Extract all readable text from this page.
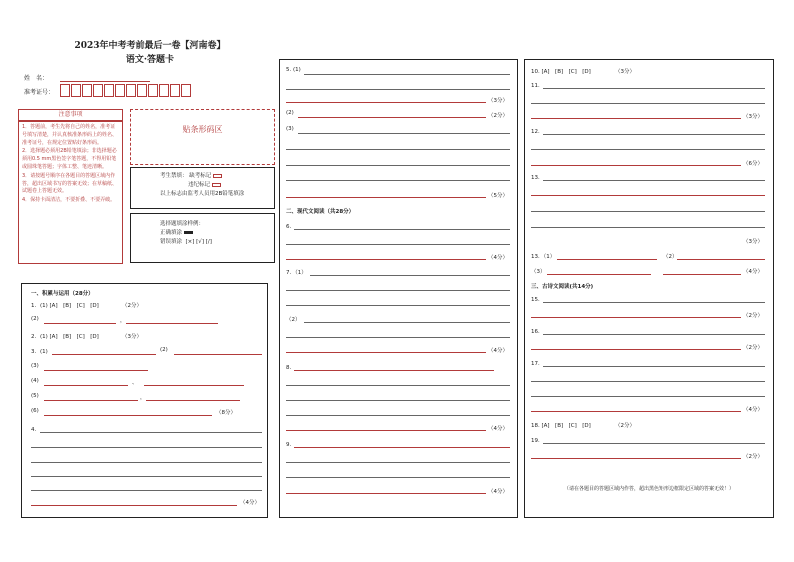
2023年中考考前最后一卷【河南卷】
语文·答题卡
姓　名：
准考证号：
注意事项
1．答题前，考生先将自己的姓名，准考证号填写清楚，并认真核准条形码上的姓名、准考证号，在规定位置贴好条形码。
2．选择题必须用2B铅笔填涂；非选择题必须用0.5 mm黑色签字笔答题，不得用铅笔或圆珠笔答题；字体工整、笔迹清晰。
3．请按题号顺序在各题目的答题区域内作答，超出区域书写的答案无效；在草稿纸、试题卷上答题无效。
4．保持卡面清洁，不要折叠、不要弄破。
贴条形码区
考生禁填： 缺考标记
违纪标记
以上标志由监考人员用2B铅笔填涂
选择题填涂样例：
正确填涂
错误填涂 [×] [√] [/]
一、积累与运用（28分）
1．(1) [A]　[B]　[C]　[D]	（2分）
(2)	，
2．(1) [A]　[B]　[C]　[D]	（3分）
3．(1)	(2)
(3)
(4)	、
(5)	，
(6)	（8分）
4．
（4分）
5. (1)
（3分）
(2)	（2分）
(3)
（5分）
二、现代文阅读（共28分）
6．
（4分）
7．（1）
（2）
（4分）
8．
（4分）
9．
（4分）
10. [A]　[B]　[C]　[D]	（3分）
11．
（3分）
12．
（6分）
13．
（3分）
13．（1）	（2）
（3）	（4分）
三、古诗文阅读(共14分)
15．
（2分）
16．
（2分）
17．
（4分）
18. [A]　[B]　[C]　[D]	（2分）
19．
（2分）
（请在各题目的答题区域内作答，超出黑色矩形边框限定区域的答案无效！）
